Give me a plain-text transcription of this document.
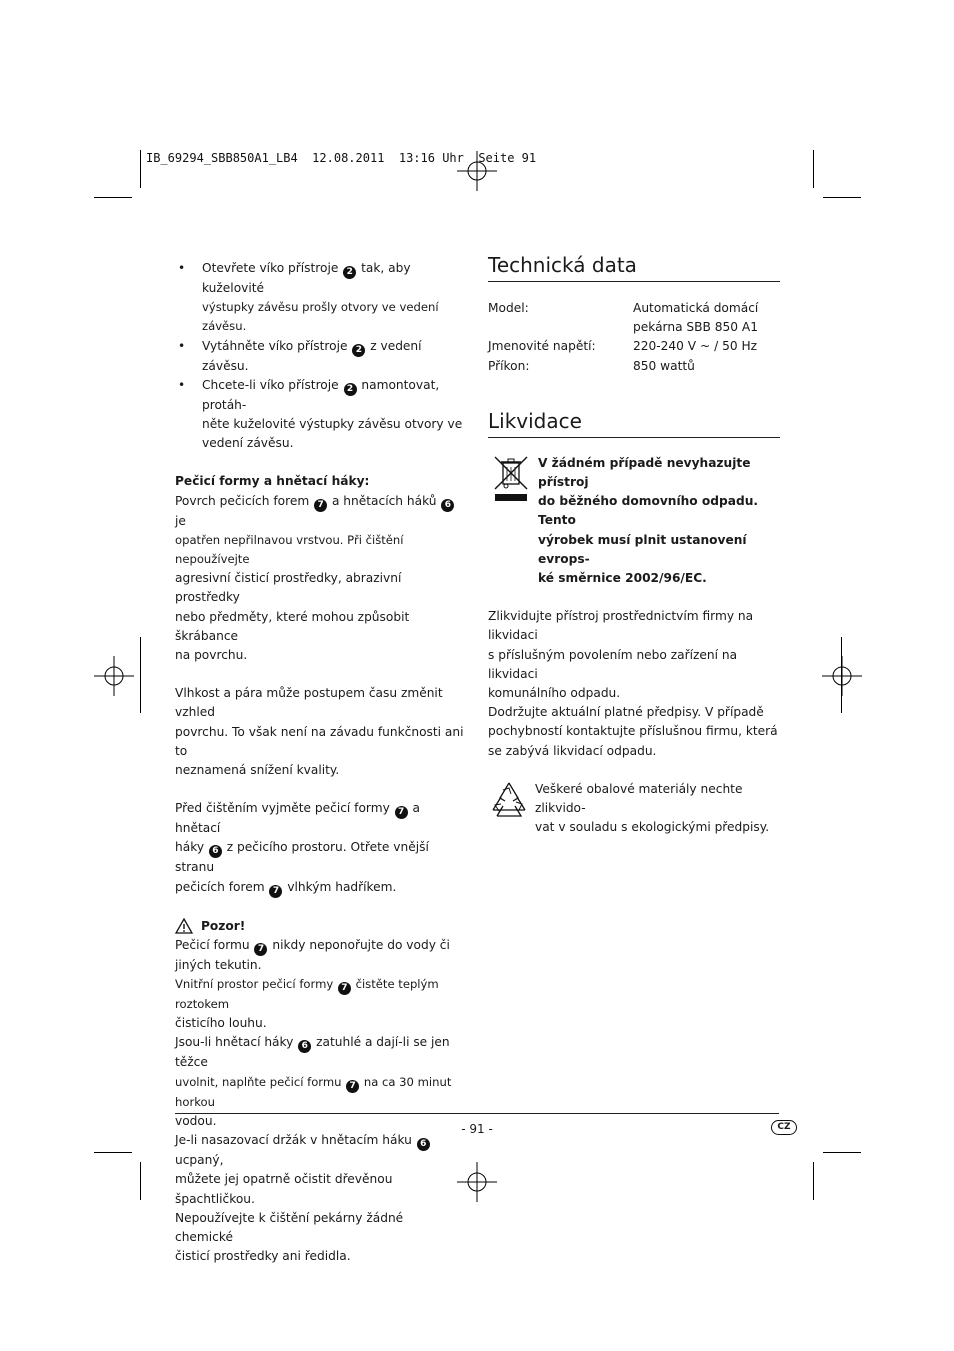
IB_69294_SBB850A1_LB4  12.08.2011  13:16 Uhr  Seite 91
• Otevřete víko přístroje 2 tak, aby kuželovité
výstupky závěsu prošly otvory ve vedení závěsu.
• Vytáhněte víko přístroje 2 z vedení závěsu.
• Chcete-li víko přístroje 2 namontovat, protáh-
něte kuželovité výstupky závěsu otvory ve
vedení závěsu.

Pečicí formy a hnětací háky:

Povrch pečicích forem 7 a hnětacích háků 6 je
opatřen nepřilnavou vrstvou. Při čištění nepoužívejte
agresivní čisticí prostředky, abrazivní prostředky
nebo předměty, které mohou způsobit škrábance
na povrchu.

Vlhkost a pára může postupem času změnit vzhled
povrchu. To však není na závadu funkčnosti ani to
neznamená snížení kvality.

Před čištěním vyjměte pečicí formy 7 a hnětací
háky 6 z pečicího prostoru. Otřete vnější stranu
pečicích forem 7 vlhkým hadříkem.

Pozor!

Pečicí formu 7 nikdy neponořujte do vody či
jiných tekutin.
Vnitřní prostor pečicí formy 7 čistěte teplým roztokem
čisticího louhu.
Jsou-li hnětací háky 6 zatuhlé a dají-li se jen těžce
uvolnit, naplňte pečicí formu 7 na ca 30 minut horkou
vodou.
Je-li nasazovací držák v hnětacím háku 6 ucpaný,
můžete jej opatrně očistit dřevěnou špachtličkou.
Nepoužívejte k čištění pekárny žádné chemické
čisticí prostředky ani ředidla.

Technická data
Model:	Automatická domácí
pekárna SBB 850 A1
Jmenovité napětí:	220-240 V ~ / 50 Hz
Příkon:	850 wattů
Likvidace

V žádném případě nevyhazujte přístroj
do běžného domovního odpadu. Tento
výrobek musí plnit ustanovení evrops-
ké směrnice 2002/96/EC.

Zlikvidujte přístroj prostřednictvím firmy na likvidaci
s příslušným povolením nebo zařízení na likvidaci
komunálního odpadu.
Dodržujte aktuální platné předpisy. V případě
pochybností kontaktujte příslušnou firmu, která
se zabývá likvidací odpadu.

Veškeré obalové materiály nechte zlikvido-
vat v souladu s ekologickými předpisy.

- 91 -	CZ
